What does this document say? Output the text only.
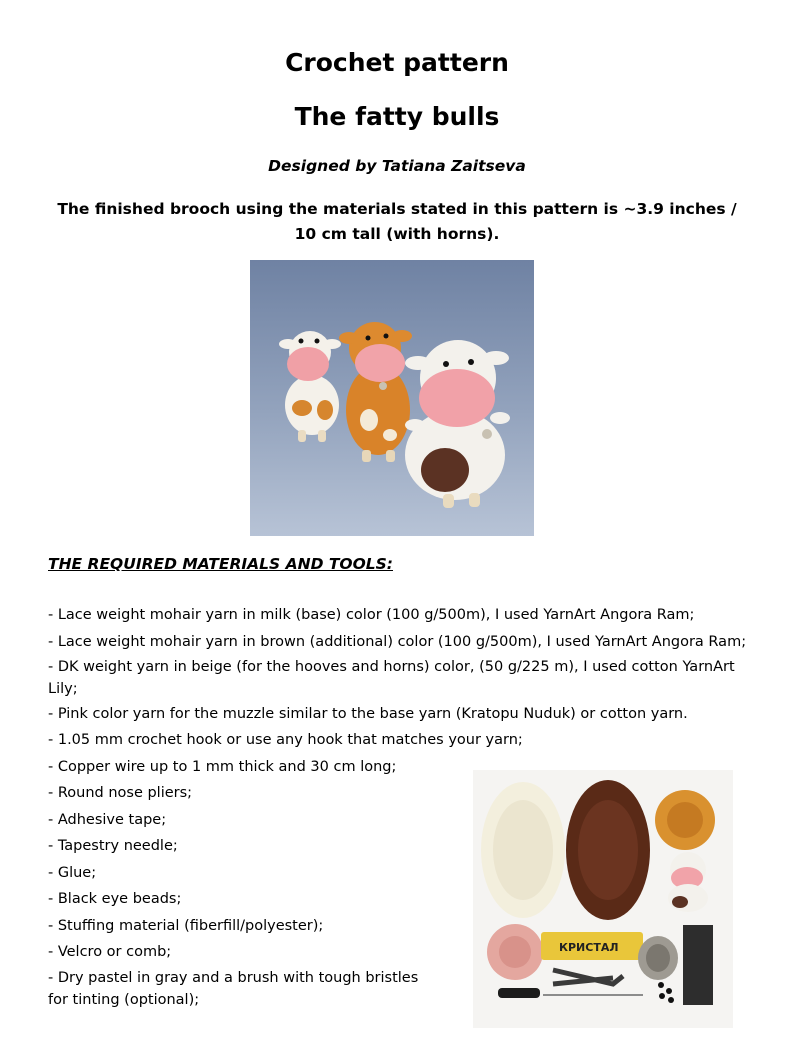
Crochet pattern
The fatty bulls
Designed by Tatiana Zaitseva
The finished brooch using the materials stated in this pattern is ~3.9 inches / 10 cm tall (with horns).
THE REQUIRED MATERIALS AND TOOLS:
- Lace weight mohair yarn in milk (base) color (100 g/500m), I used YarnArt Angora Ram;
- Lace weight mohair yarn in brown (additional) color (100 g/500m), I used YarnArt Angora Ram;
- DK weight yarn in beige (for the hooves and horns) color, (50 g/225 m), I used cotton YarnArt Lily;
- Pink color yarn for the muzzle similar to the base yarn (Kratopu Nuduk) or cotton yarn.
- 1.05 mm crochet hook or use any hook that matches your yarn;
- Copper wire up to 1 mm thick and 30 cm long;
- Round nose pliers;
- Adhesive tape;
- Tapestry needle;
- Glue;
- Black eye beads;
- Stuffing material (fiberfill/polyester);
- Velcro or comb;
- Dry pastel in gray and a brush with tough bristles for tinting (optional);
КРИСТАЛ
